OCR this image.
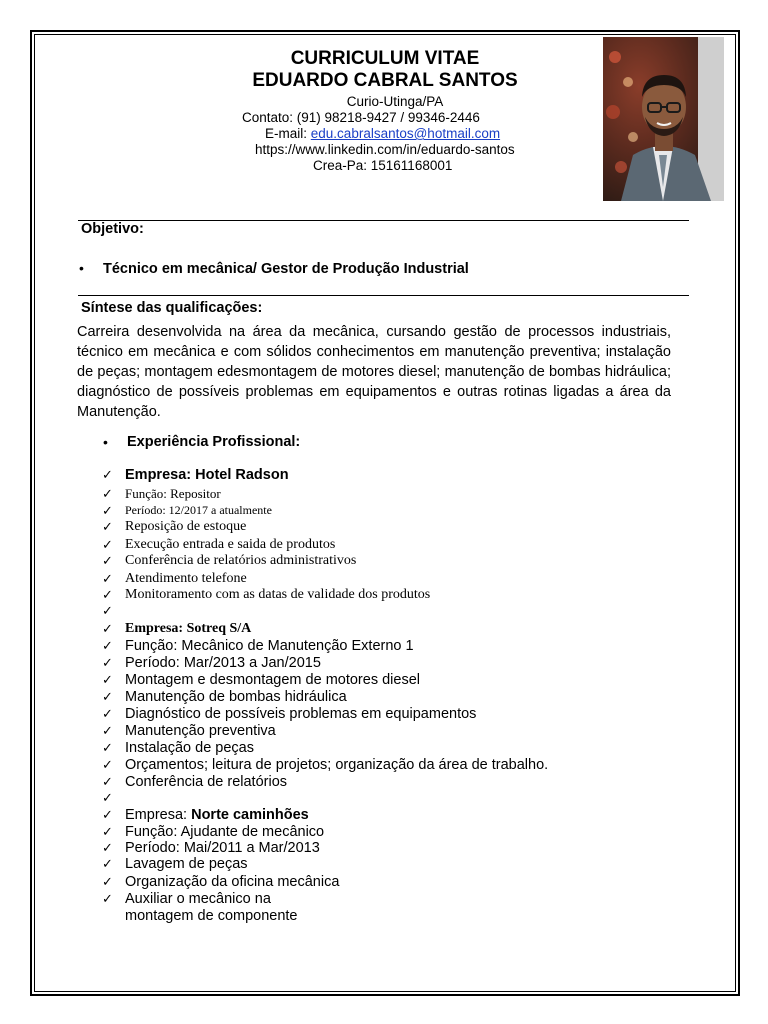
CURRICULUM VITAE
EDUARDO CABRAL SANTOS
Curio-Utinga/PA
Contato: (91) 98218-9427 / 99346-2446
E-mail: edu.cabralsantos@hotmail.com
https://www.linkedin.com/in/eduardo-santos
Crea-Pa: 15161168001
Objetivo:
• Técnico em mecânica/ Gestor de Produção Industrial
Síntese das qualificações:
Carreira desenvolvida na área da mecânica, cursando gestão de processos industriais, técnico em mecânica e com sólidos conhecimentos em manutenção preventiva; instalação de peças; montagem edesmontagem de motores diesel; manutenção de bombas hidráulica; diagnóstico de possíveis problemas em equipamentos e outras rotinas ligadas a área da Manutenção.
• Experiência Profissional:
✓ Empresa: Hotel Radson
✓ Função: Repositor
✓ Período: 12/2017 a atualmente
✓ Reposição de estoque
✓ Execução entrada e saida de produtos
✓ Conferência de relatórios administrativos
✓ Atendimento telefone
✓ Monitoramento com as datas de validade dos produtos
✓
✓ Empresa: Sotreq S/A
✓ Função: Mecânico de Manutenção Externo 1
✓ Período: Mar/2013 a Jan/2015
✓ Montagem e desmontagem de motores diesel
✓ Manutenção de bombas hidráulica
✓ Diagnóstico de possíveis problemas em equipamentos
✓ Manutenção preventiva
✓ Instalação de peças
✓ Orçamentos; leitura de projetos; organização da área de trabalho.
✓ Conferência de relatórios
✓
✓ Empresa: Norte caminhões
✓ Função: Ajudante de mecânico
✓ Período: Mai/2011 a Mar/2013
✓ Lavagem de peças
✓ Organização da oficina mecânica
✓ Auxiliar o mecânico na
montagem de componente
